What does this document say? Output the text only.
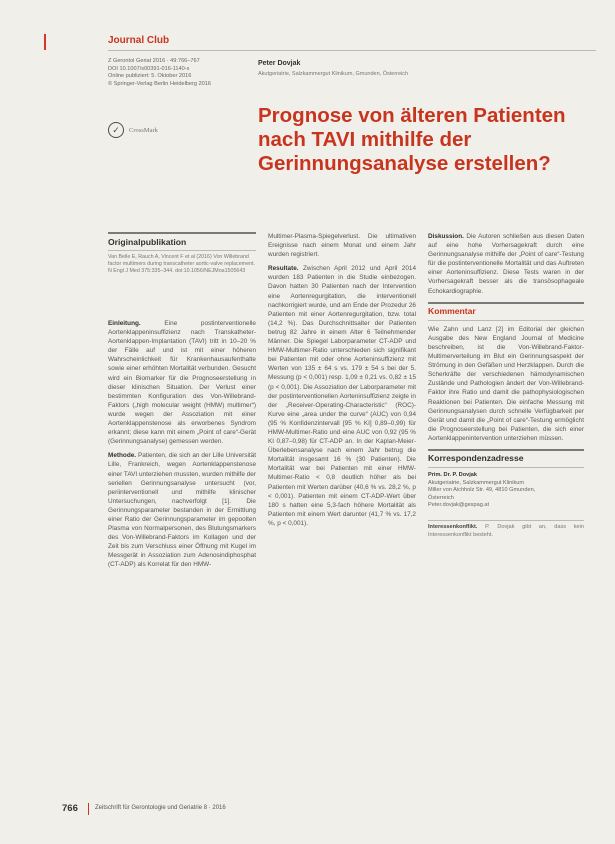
Journal Club
Z Gerontol Geriat 2016 · 49:766–767
DOI 10.1007/s00391-016-1140-x
Online publiziert: 5. Oktober 2016
© Springer-Verlag Berlin Heidelberg 2016
✓	CrossMark
Peter Dovjak
Akutgeriatrie, Salzkammergut Klinikum, Gmunden, Österreich
Prognose von älteren Patienten nach TAVI mithilfe der Gerinnungsanalyse erstellen?
Originalpublikation
Van Belle E, Rauch A, Vincent F et al (2016) Von Willebrand factor multimers during transcatheter aortic-valve replacement. N Engl J Med 375:335–344. doi:10.1056/NEJMoa1505643

Einleitung. Eine postinterventionelle Aortenklappeninsuffizienz nach Transkatheter-Aortenklappen-Implantation (TAVI) tritt in 10–20 % der Fälle auf und ist mit einer höheren Wahrscheinlichkeit für Krankenhausaufenthalte sowie einer erhöhten Mortalität verbunden. Gesucht wird ein Biomarker für die Prognoseerstellung in dieser klinischen Situation. Der Verlust einer bestimmten Konfiguration des Von-Willebrand-Faktors („high molecular weight (HMW) multimer“) wurde wegen der Assoziation mit einer Aortenklappenstenose als erworbenes Syndrom erkannt; diese kann mit einem „Point of care“-Gerät (Gerinnungsanalyse) gemessen werden.

Methode. Patienten, die sich an der Lille Universität Lille, Frankreich, wegen Aortenklappenstenose einer TAVI unterziehen mussten, wurden mithilfe der seriellen Gerinnungsanalyse untersucht (vor, periinterventionell und mithilfe klinischer Untersuchungen, nachverfolgt [1]. Die Gerinnungsparameter bestanden in der Ermittlung einer Ratio der Gerinnungsparameter im gepoolten Plasma von Normalpersonen, des Blutungsmarkers des Von-Willebrand-Faktors im Kollagen und der Zeit bis zum Verschluss einer Öffnung mit Kugel im Messgerät in Assoziation zum Adenosindiphosphat (CT-ADP) als Korrelat für den HMW-

Multimer-Plasma-Spiegelverlust. Die ultimativen Ereignisse nach einem Monat und einem Jahr wurden registriert.

Resultate. Zwischen April 2012 und April 2014 wurden 183 Patienten in die Studie einbezogen. Davon hatten 30 Patienten nach der Intervention eine Aortenregurgitation, die interventionell nachkorrigiert wurde, und am Ende der Prozedur 26 Patienten mit einer Aortenregurgitation, bzw. total (14,2 %). Das Durchschnittsalter der Patienten betrug 82 Jahre in einem Alter 6 Teilnehmender Männer. Die Spiegel Laborparameter CT-ADP und HMW-Multimer-Ratio unterschieden sich signifikant bei Patienten mit oder ohne Aorteninsuffizienz mit Werten von 135 ± 64 s vs. 179 ± 54 s bei der 5. Messung (p < 0,001) resp. 1,09 ± 0,21 vs. 0,82 ± 15 (p < 0,001). Die Assoziation der Laborparameter mit der postinterventionellen Aorteninsuffizienz zeigte in der „Receiver-Operating-Characteristic“ (ROC)-Kurve eine „area under the curve“ (AUC) von 0,94 (95 % Konfidenzintervall [95 % KI] 0,89–0,99) für HMW-Multimer-Ratio und eine AUC von 0,92 (95 % KI 0,87–0,98) für CT-ADP an. In der Kaplan-Meier-Überlebensanalyse nach einem Jahr betrug die Mortalität insgesamt 16 % (30 Patienten). Die Mortalität war bei Patienten mit einer HMW-Multimer-Ratio < 0,8 deutlich höher als bei Patienten mit Werten darüber (40,6 % vs. 28,2 %, p < 0,001). Patienten mit einem CT-ADP-Wert über 180 s hatten eine 5,3-fach höhere Mortalität als Patienten mit einem Wert darunter (41,7 % vs. 17,2 %, p < 0,001).

Diskussion. Die Autoren schließen aus diesen Daten auf eine hohe Vorhersagekraft durch eine Gerinnungsanalyse mithilfe der „Point of care“-Testung für die postinterventionelle Mortalität und das Auftreten einer Aorteninsuffizienz. Diese Tests waren in der Vorhersagekraft besser als die transösophageale Echokardiographie.

Kommentar

Wie Zahn und Lanz [2] im Editorial der gleichen Ausgabe des New England Journal of Medicine beschreiben, ist die Von-Willebrand-Faktor-Multimerverteilung im Blut ein Gerinnungsaspekt der Strömung in den Gefäßen und Herzklappen. Durch die Scherkräfte der verschiedenen hämodynamischen Zustände und Pathologien ändert der Von-Willebrand-Faktor ihre Ratio und damit die pathophysiologischen Reaktionen bei Patienten. Die einfache Messung mit Gerinnungsanalysen durch schnelle Verfügbarkeit per Gerät und damit die „Point of care“-Testung ermöglicht die Prognoseerstellung bei Patienten, die sich einer Aortenklappenintervention unterziehen müssen.

Korrespondenzadresse
Prim. Dr. P. Dovjak
Akutgeriatrie, Salzkammergut Klinikum
Miller von Aichholz Str. 49, 4810 Gmunden,
Österreich
Peter.dovjak@gespag.at
Interessenkonflikt. P. Dovjak gibt an, dass kein Interessenkonflikt besteht.
766	Zeitschrift für Gerontologie und Geriatrie 8 · 2016
